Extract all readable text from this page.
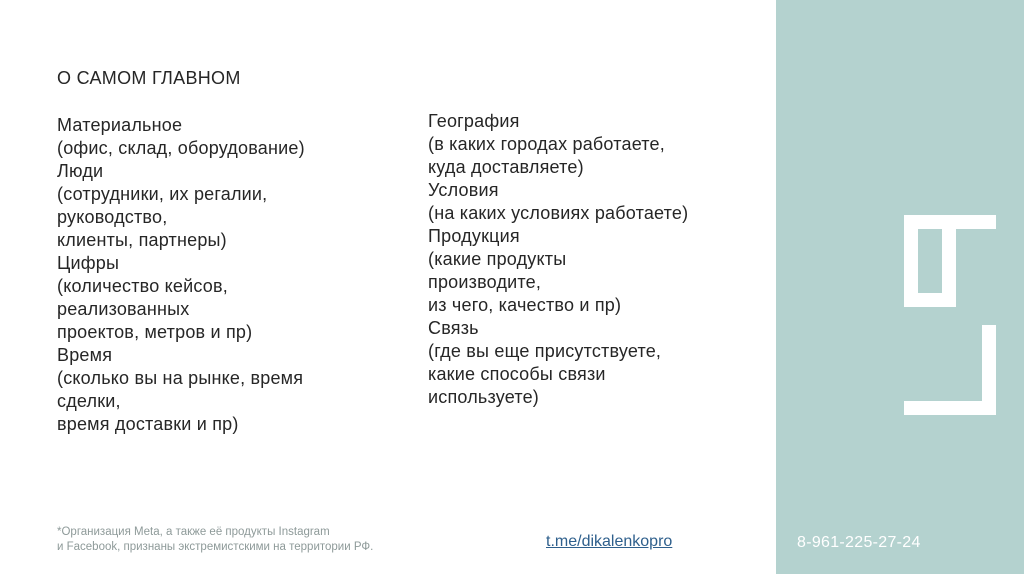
О САМОМ ГЛАВНОМ
Материальное
(офис, склад, оборудование)
Люди
(сотрудники, их регалии,
руководство,
клиенты, партнеры)
Цифры
(количество кейсов,
реализованных
проектов, метров и пр)
Время
(сколько вы на рынке, время
сделки,
время доставки и пр)
География
(в каких городах работаете,
куда доставляете)
Условия
(на каких условиях работаете)
Продукция
(какие продукты
производите,
из чего, качество и пр)
Связь
(где вы еще присутствуете,
какие способы связи
используете)
*Организация Meta, а также её продукты Instagram
и Facebook, признаны экстремистскими на территории РФ.	t.me/dikalenkopro	8-961-225-27-24
